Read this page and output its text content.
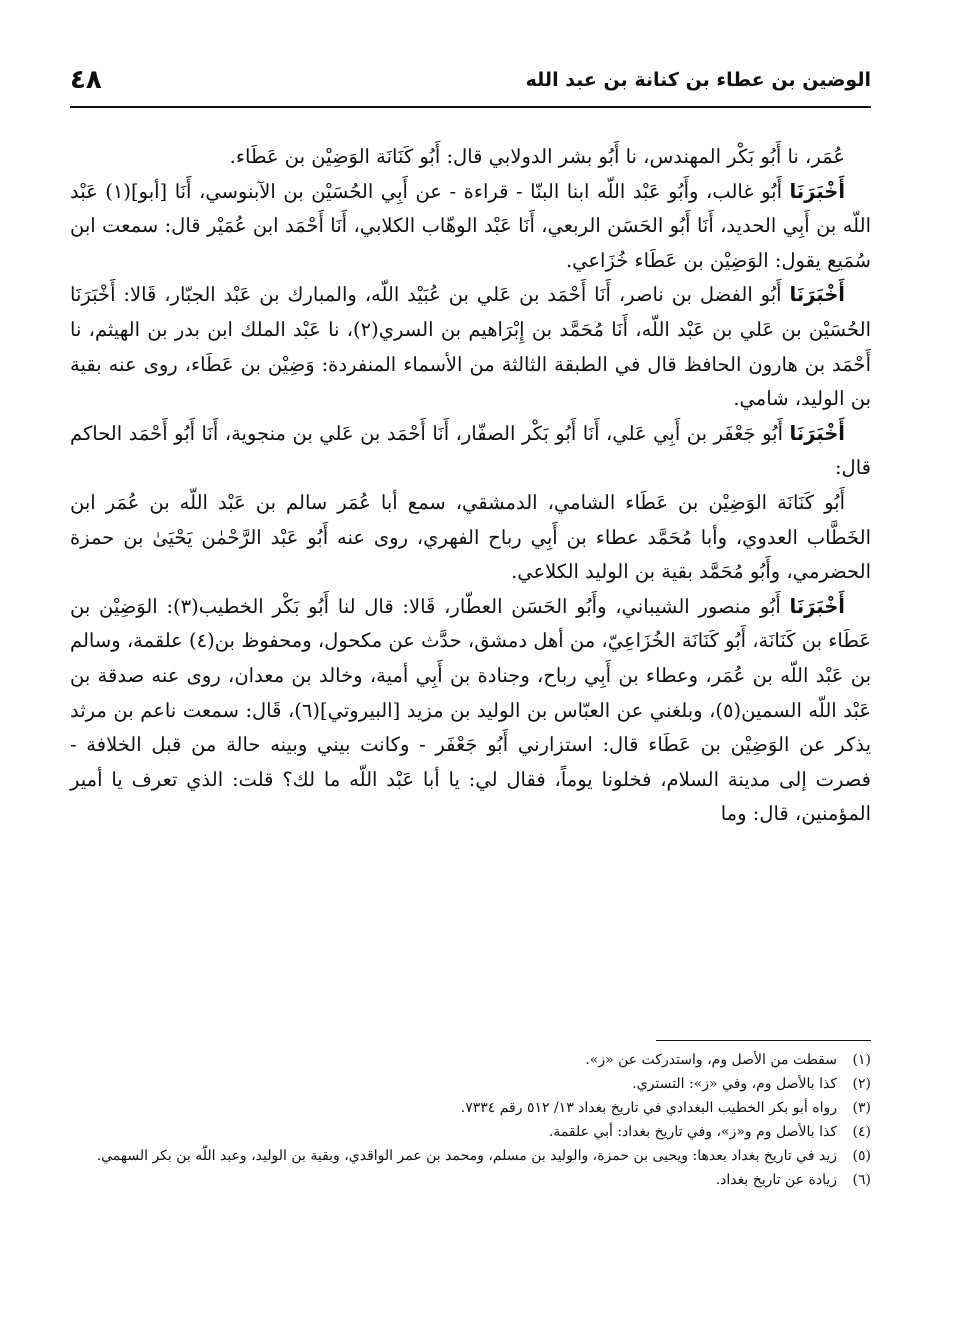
الوضين بن عطاء بن كنانة بن عبد الله
٤٨

عُمَر، نا أَبُو بَكْر المهندس، نا أَبُو بشر الدولابي قال: أَبُو كَنَانَة الوَضِيْن بن عَطَاء.

أَخْبَرَنَا أَبُو غالب، وأَبُو عَبْد اللّه ابنا البنّا - قراءة - عن أَبِي الحُسَيْن بن الآبنوسي، أَنَا [أبو](١) عَبْد اللّه بن أَبِي الحديد، أَنَا أَبُو الحَسَن الربعي، أَنَا عَبْد الوهّاب الكلابي، أَنَا أَحْمَد ابن عُمَيْر قال: سمعت ابن سُمَيع يقول: الوَضِيْن بن عَطَاء خُزَاعي.

أَخْبَرَنَا أَبُو الفضل بن ناصر، أَنَا أَحْمَد بن عَلي بن عُبَيْد اللّه، والمبارك بن عَبْد الجبّار، قَالا: أَخْبَرَنَا الحُسَيْن بن عَلي بن عَبْد اللّه، أَنَا مُحَمَّد بن إِبْرَاهيم بن السري(٢)، نا عَبْد الملك ابن بدر بن الهيثم، نا أَحْمَد بن هارون الحافظ قال في الطبقة الثالثة من الأسماء المنفردة: وَضِيْن بن عَطَاء، روى عنه بقية بن الوليد، شامي.

أَخْبَرَنَا أَبُو جَعْفَر بن أَبِي عَلي، أَنَا أَبُو بَكْر الصفّار، أَنَا أَحْمَد بن عَلي بن منجوية، أَنَا أَبُو أَحْمَد الحاكم قال:

أَبُو كَنَانَة الوَضِيْن بن عَطَاء الشامي، الدمشقي، سمع أبا عُمَر سالم بن عَبْد اللّه بن عُمَر ابن الخَطَّاب العدوي، وأبا مُحَمَّد عطاء بن أَبِي رباح الفهري، روى عنه أَبُو عَبْد الرَّحْمٰن يَحْيَىٰ بن حمزة الحضرمي، وأَبُو مُحَمَّد بقية بن الوليد الكلاعي.

أَخْبَرَنَا أَبُو منصور الشيباني، وأَبُو الحَسَن العطّار، قَالا: قال لنا أَبُو بَكْر الخطيب(٣): الوَضِيْن بن عَطَاء بن كَنَانَة، أَبُو كَنَانَة الخُزَاعِيّ، من أهل دمشق، حدَّث عن مكحول، ومحفوظ بن(٤) علقمة، وسالم بن عَبْد اللّه بن عُمَر، وعطاء بن أَبِي رباح، وجنادة بن أَبِي أمية، وخالد بن معدان، روى عنه صدقة بن عَبْد اللّه السمين(٥)، وبلغني عن العبّاس بن الوليد بن مزيد [البيروتي](٦)، قَال: سمعت ناعم بن مرثد يذكر عن الوَضِيْن بن عَطَاء قال: استزارني أَبُو جَعْفَر - وكانت بيني وبينه حالة من قبل الخلافة - فصرت إلى مدينة السلام، فخلونا يوماً، فقال لي: يا أبا عَبْد اللّه ما لك؟ قلت: الذي تعرف يا أمير المؤمنين، قال: وما

(١)
سقطت من الأصل وم، واستدركت عن «ز».
(٢)
كذا بالأصل وم، وفي «ز»: التستري.
(٣)
رواه أبو بكر الخطيب البغدادي في تاريخ بغداد ١٣/ ٥١٢ رقم ٧٣٣٤.
(٤)
كذا بالأصل وم و«ز»، وفي تاريخ بغداد: أبي علقمة.
(٥)
زيد في تاريخ بغداد بعدها: ويحيى بن حمزة، والوليد بن مسلم، ومحمد بن عمر الواقدي، وبقية بن الوليد، وعبد اللّه بن بكر السهمي.
(٦)
زيادة عن تاريخ بغداد.
